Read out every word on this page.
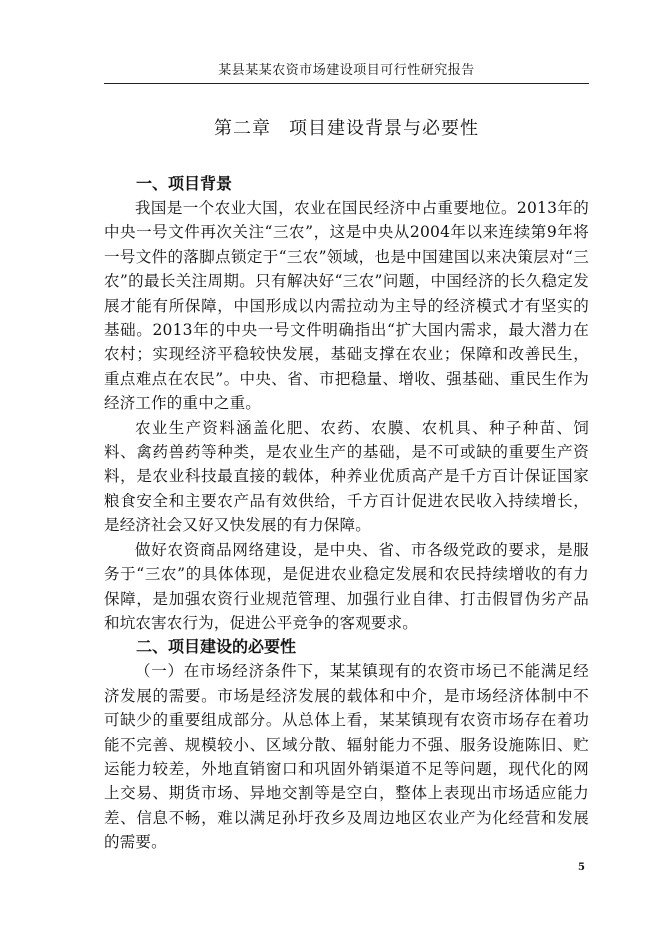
某县某某农资市场建设项目可行性研究报告
第二章 项目建设背景与必要性
一、项目背景

我国是一个农业大国，农业在国民经济中占重要地位。2013年的中央一号文件再次关注“三农”，这是中央从2004年以来连续第9年将一号文件的落脚点锁定于“三农”领域，也是中国建国以来决策层对“三农”的最长关注周期。只有解决好“三农”问题，中国经济的长久稳定发展才能有所保障，中国形成以内需拉动为主导的经济模式才有坚实的基础。2013年的中央一号文件明确指出“扩大国内需求，最大潜力在农村；实现经济平稳较快发展，基础支撑在农业；保障和改善民生，重点难点在农民”。中央、省、市把稳量、增收、强基础、重民生作为经济工作的重中之重。

农业生产资料涵盖化肥、农药、农膜、农机具、种子种苗、饲料、禽药兽药等种类，是农业生产的基础，是不可或缺的重要生产资料，是农业科技最直接的载体，种养业优质高产是千方百计保证国家粮食安全和主要农产品有效供给，千方百计促进农民收入持续增长，是经济社会又好又快发展的有力保障。

做好农资商品网络建设，是中央、省、市各级党政的要求，是服务于“三农”的具体体现，是促进农业稳定发展和农民持续增收的有力保障，是加强农资行业规范管理、加强行业自律、打击假冒伪劣产品和坑农害农行为，促进公平竞争的客观要求。

二、项目建设的必要性

（一）在市场经济条件下，某某镇现有的农资市场已不能满足经济发展的需要。市场是经济发展的载体和中介，是市场经济体制中不可缺少的重要组成部分。从总体上看，某某镇现有农资市场存在着功能不完善、规模较小、区域分散、辐射能力不强、服务设施陈旧、贮运能力较差，外地直销窗口和巩固外销渠道不足等问题，现代化的网上交易、期货市场、异地交割等是空白，整体上表现出市场适应能力差、信息不畅，难以满足孙圩孜乡及周边地区农业产为化经营和发展的需要。

5
